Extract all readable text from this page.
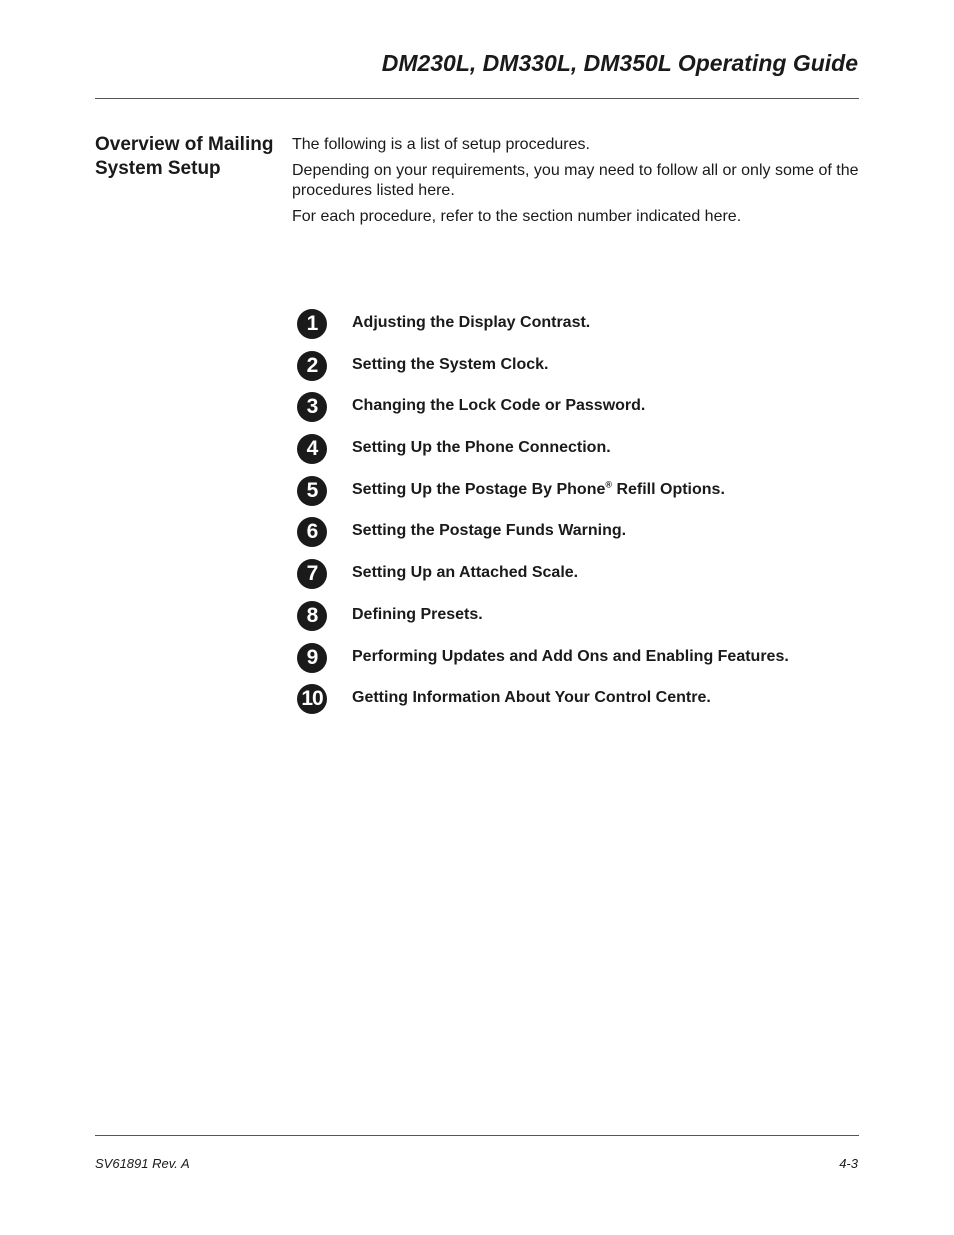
DM230L, DM330L, DM350L Operating Guide
Overview of Mailing System Setup

The following is a list of setup procedures.

Depending on your requirements, you may need to follow all or only some of the procedures listed here.

For each procedure, refer to the section number indicated here.

1	Adjusting the Display Contrast.
2	Setting the System Clock.
3	Changing the Lock Code or Password.
4	Setting Up the Phone Connection.
5	Setting Up the Postage By Phone® Refill Options.
6	Setting the Postage Funds Warning.
7	Setting Up an Attached Scale.
8	Defining Presets.
9	Performing Updates and Add Ons and Enabling Features.
10 Getting Information About Your Control Centre.
SV61891 Rev. A	4-3
